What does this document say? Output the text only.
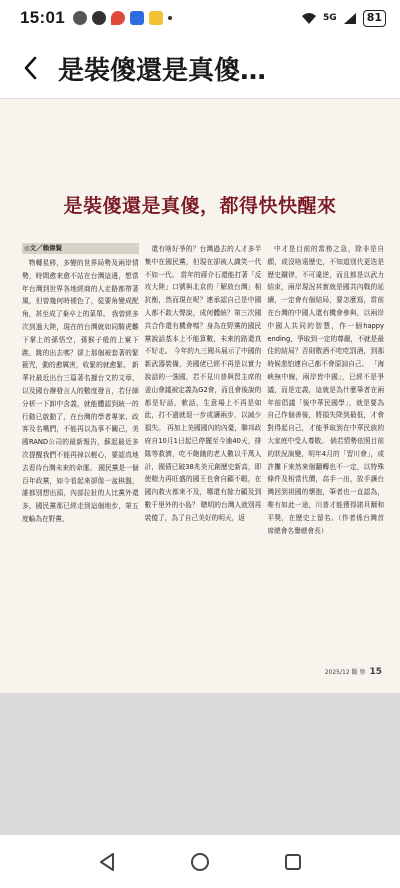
15:01	5G	81
是裝傻還是真傻…
是裝傻還是真傻，都得快快醒來
◎文／賴偉賢

物轉星移，多變的世界局勢及兩岸情勢，時間愈來愈不站在台灣這邊，想當年台灣到世界各地經商的人走路都帶著風，但曾幾何時褪色了，從要角變成配角，甚至成了棄卒上的菜單。 我曾經多次到過大陸，現在的台灣就如同騎虎難下掌上的孫悟空，孫猴子般的上窠下跳，跳的出去嗎？卻上那個被套著的緊箍咒，動的愈厲害，收緊的就愈緊。 新華社最近出台三篇著名據台文的文章，以及國台辦發言人的數度發言，若仔細分析一下卸中含義，就能體認到統一的行動已啟動了，在台灣的學者專家、政客及名嘴們，不能再以為事不關己，美國RAND公司的最新報告，蘇起最近多次提醒我們不能再掉以輕心，要認真地去看待台灣未來的命運。 國民黨是一個百年政黨，如今看起來卻像一盆棋盤，誰都別想出頭，內部拉扯的人比黨外還多，國民黨那已經走到這個地步，第五度輪為在野黨，

還有啥好爭的？台灣過去的人才多半集中在國民黨，但現在卻被人識笑一代不如一代。 當年的蔣介石還能打著「反攻大陸」口號與北京的「解放台灣」相抗衡，然而現在呢？連承認自己是中國人都不敢大聲說，成何體統？第三次國共合作還有機會嗎？身為在野黨的國民黨說話基本上不能算數，未來的路還真不好走。 今年的九三閱兵展示了中國的新武器裝備，美國佬已經不再是以實力說話的一強國，若不見川普與習主席的釜山會議被定義為G2會，而且會後說的都是好話，軟話，生意場上不再是如此，打不過就退一步或讓兩步，以減少損失。 再加上美國國內的內憂，聯邦政府自10月1日起已停擺至今逾40天，排隊等救濟，吃不飽餓的老人數以千萬人計，國債已破38兆美元創歷史新高，即使精力再旺盛的國王也會自顧不暇，在國內救火都來不及，哪還有餘力顧及到數千里外的小島？ 聰明的台灣人就別再裝傻了，為了自己美好的明天，返

中才是目前的當務之急，除非是自願，或沒啥遠歷史，不知道別代更迭是歷史鐵律，不可違逆，而且都是以武力結束，兩岸現況其實就是國共內戰的延續，一定會有個結局，要怎麼寫，當前在台灣的中國人還有機會參與，以兩岸中國人共同的智慧，作一個happy ending，爭取到一定的尊嚴，不就是最佳的結局？否則敬酒不吃吃罰酒，到那時候悲怕連自己都不會原諒自己。 「海峽無中線，兩岸皆中國」，已經不是爭議，而是定義，這就是為什麼筆者在兩年前倡議「後中華民國學」，就是要為自己作個善後，將損失降到最低，才會對得起自己，才能爭取到在中華民族的大家庭中受人尊敬。 倘若情勢依照目前的狀況演變，明年4月的「習川會」，或許攤下來然來個翻轉也不一定，以特殊條件及相當代價，高手一出，放手讓台灣回到祖國的懷抱，筆者也一直認為，唯有如此一途，川普才能獲得諾貝爾和平獎，在歷史上留名。（作者係台灣首席總會名譽總會長）

2025/12 觀 察 15
